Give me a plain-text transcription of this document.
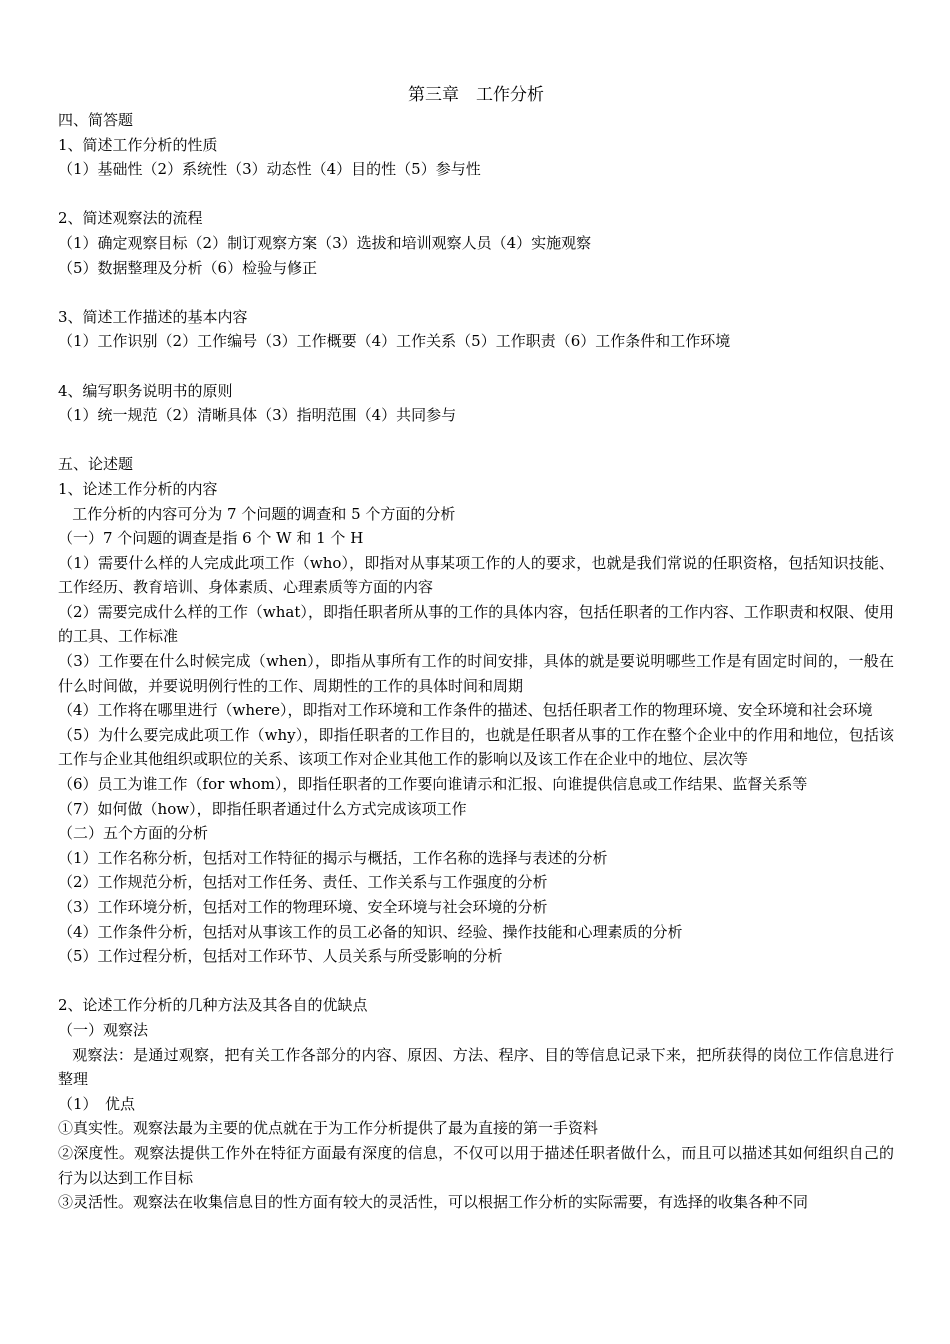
第三章　工作分析
四、简答题
1、简述工作分析的性质
（1）基础性（2）系统性（3）动态性（4）目的性（5）参与性
2、简述观察法的流程
（1）确定观察目标（2）制订观察方案（3）选拔和培训观察人员（4）实施观察
（5）数据整理及分析（6）检验与修正
3、简述工作描述的基本内容
（1）工作识别（2）工作编号（3）工作概要（4）工作关系（5）工作职责（6）工作条件和工作环境
4、编写职务说明书的原则
（1）统一规范（2）清晰具体（3）指明范围（4）共同参与
五、论述题
1、论述工作分析的内容
工作分析的内容可分为 7 个问题的调查和 5 个方面的分析
（一）7 个问题的调查是指 6 个 W 和 1 个 H
（1）需要什么样的人完成此项工作（who），即指对从事某项工作的人的要求，也就是我们常说的任职资格，包括知识技能、工作经历、教育培训、身体素质、心理素质等方面的内容
（2）需要完成什么样的工作（what），即指任职者所从事的工作的具体内容，包括任职者的工作内容、工作职责和权限、使用的工具、工作标准
（3）工作要在什么时候完成（when），即指从事所有工作的时间安排，具体的就是要说明哪些工作是有固定时间的，一般在什么时间做，并要说明例行性的工作、周期性的工作的具体时间和周期
（4）工作将在哪里进行（where），即指对工作环境和工作条件的描述、包括任职者工作的物理环境、安全环境和社会环境
（5）为什么要完成此项工作（why），即指任职者的工作目的，也就是任职者从事的工作在整个企业中的作用和地位，包括该工作与企业其他组织或职位的关系、该项工作对企业其他工作的影响以及该工作在企业中的地位、层次等
（6）员工为谁工作（for whom），即指任职者的工作要向谁请示和汇报、向谁提供信息或工作结果、监督关系等
（7）如何做（how），即指任职者通过什么方式完成该项工作
（二）五个方面的分析
（1）工作名称分析，包括对工作特征的揭示与概括，工作名称的选择与表述的分析
（2）工作规范分析，包括对工作任务、责任、工作关系与工作强度的分析
（3）工作环境分析，包括对工作的物理环境、安全环境与社会环境的分析
（4）工作条件分析，包括对从事该工作的员工必备的知识、经验、操作技能和心理素质的分析
（5）工作过程分析，包括对工作环节、人员关系与所受影响的分析
2、论述工作分析的几种方法及其各自的优缺点
（一）观察法
观察法：是通过观察，把有关工作各部分的内容、原因、方法、程序、目的等信息记录下来，把所获得的岗位工作信息进行整理
（1）　优点
①真实性。观察法最为主要的优点就在于为工作分析提供了最为直接的第一手资料
②深度性。观察法提供工作外在特征方面最有深度的信息，不仅可以用于描述任职者做什么，而且可以描述其如何组织自己的行为以达到工作目标
③灵活性。观察法在收集信息目的性方面有较大的灵活性，可以根据工作分析的实际需要，有选择的收集各种不同
